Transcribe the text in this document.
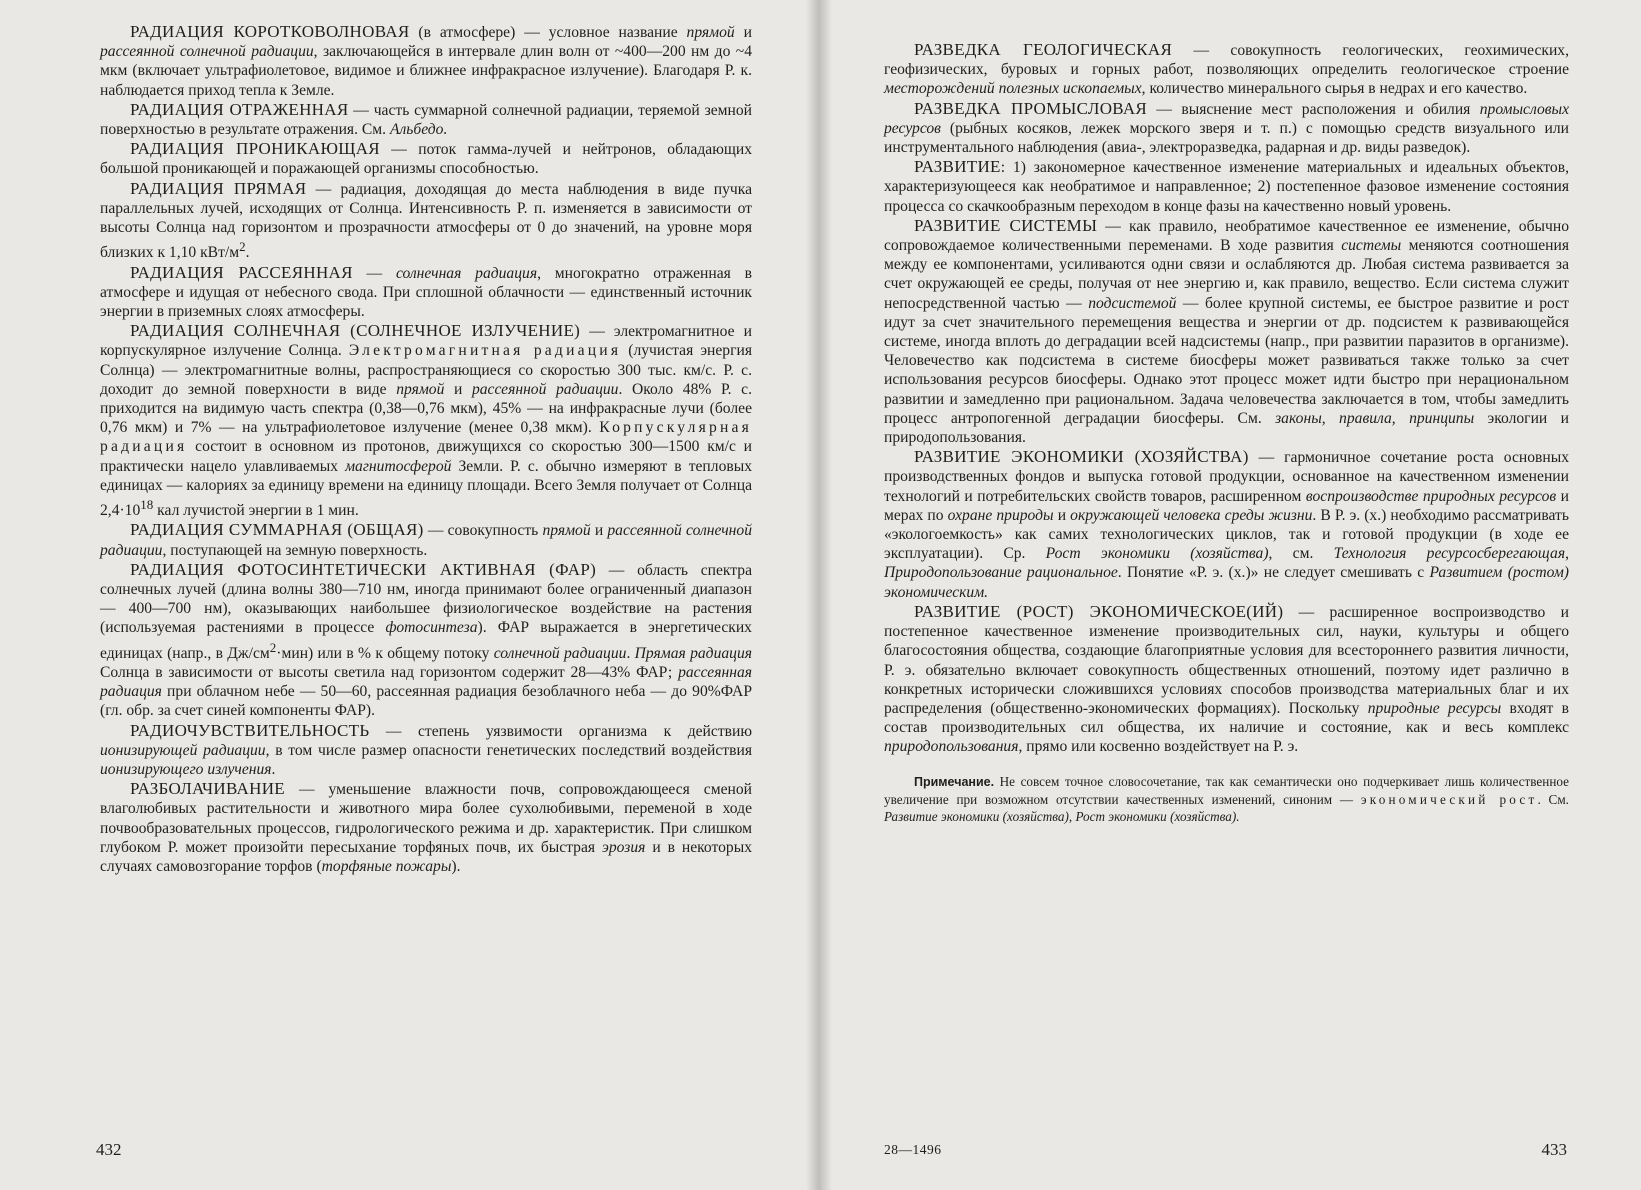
РАДИАЦИЯ КОРОТКОВОЛНОВАЯ (в атмосфере) — условное название прямой и рассеянной солнечной радиации, заключающейся в интервале длин волн от ~400—200 нм до ~4 мкм (включает ультрафиолетовое, видимое и ближнее инфракрасное излучение). Благодаря Р. к. наблюдается приход тепла к Земле.

РАДИАЦИЯ ОТРАЖЕННАЯ — часть суммарной солнечной радиации, теряемой земной поверхностью в результате отражения. См. Альбедо.

РАДИАЦИЯ ПРОНИКАЮЩАЯ — поток гамма-лучей и нейтронов, обладающих большой проникающей и поражающей организмы способностью.

РАДИАЦИЯ ПРЯМАЯ — радиация, доходящая до места наблюдения в виде пучка параллельных лучей, исходящих от Солнца. Интенсивность Р. п. изменяется в зависимости от высоты Солнца над горизонтом и прозрачности атмосферы от 0 до значений, на уровне моря близких к 1,10 кВт/$м^2$.

РАДИАЦИЯ РАССЕЯННАЯ — солнечная радиация, многократно отраженная в атмосфере и идущая от небесного свода. При сплошной облачности — единственный источник энергии в приземных слоях атмосферы.

РАДИАЦИЯ СОЛНЕЧНАЯ (СОЛНЕЧНОЕ ИЗЛУЧЕНИЕ) — электромагнитное и корпускулярное излучение Солнца. Электромагнитная радиация (лучистая энергия Солнца) — электромагнитные волны, распространяющиеся со скоростью 300 тыс. км/с. Р. с. доходит до земной поверхности в виде прямой и рассеянной радиации. Около 48% Р. с. приходится на видимую часть спектра (0,38—0,76 мкм), 45% — на инфракрасные лучи (более 0,76 мкм) и 7% — на ультрафиолетовое излучение (менее 0,38 мкм). Корпускулярная радиация состоит в основном из протонов, движущихся со скоростью 300—1500 км/с и практически нацело улавливаемых магнитосферой Земли. Р. с. обычно измеряют в тепловых единицах — калориях за единицу времени на единицу площади. Всего Земля получает от Солнца $2,4\cdot 10^{18}$ кал лучистой энергии в 1 мин.

РАДИАЦИЯ СУММАРНАЯ (ОБЩАЯ) — совокупность прямой и рассеянной солнечной радиации, поступающей на земную поверхность.

РАДИАЦИЯ ФОТОСИНТЕТИЧЕСКИ АКТИВНАЯ (ФАР) — область спектра солнечных лучей (длина волны 380—710 нм, иногда принимают более ограниченный диапазон — 400—700 нм), оказывающих наибольшее физиологическое воздействие на растения (используемая растениями в процессе фотосинтеза). ФАР выражается в энергетических единицах (напр., в $Дж/см^2\cdot мин$) или в % к общему потоку солнечной радиации. Прямая радиация Солнца в зависимости от высоты светила над горизонтом содержит 28—43% ФАР; рассеянная радиация при облачном небе — 50—60, рассеянная радиация безоблачного неба — до 90%ФАР (гл. обр. за счет синей компоненты ФАР).

РАДИОЧУВСТВИТЕЛЬНОСТЬ — степень уязвимости организма к действию ионизирующей радиации, в том числе размер опасности генетических последствий воздействия ионизирующего излучения.

РАЗБОЛАЧИВАНИЕ — уменьшение влажности почв, сопровождающееся сменой влаголюбивых растительности и животного мира более сухолюбивыми, переменой в ходе почвообразовательных процессов, гидрологического режима и др. характеристик. При слишком глубоком Р. может произойти пересыхание торфяных почв, их быстрая эрозия и в некоторых случаях самовозгорание торфов (торфяные пожары).

432

РАЗВЕДКА ГЕОЛОГИЧЕСКАЯ — совокупность геологических, геохимических, геофизических, буровых и горных работ, позволяющих определить геологическое строение месторождений полезных ископаемых, количество минерального сырья в недрах и его качество.

РАЗВЕДКА ПРОМЫСЛОВАЯ — выяснение мест расположения и обилия промысловых ресурсов (рыбных косяков, лежек морского зверя и т. п.) с помощью средств визуального или инструментального наблюдения (авиа-, электроразведка, радарная и др. виды разведок).

РАЗВИТИЕ: 1) закономерное качественное изменение материальных и идеальных объектов, характеризующееся как необратимое и направленное; 2) постепенное фазовое изменение состояния процесса со скачкообразным переходом в конце фазы на качественно новый уровень.

РАЗВИТИЕ СИСТЕМЫ — как правило, необратимое качественное ее изменение, обычно сопровождаемое количественными переменами. В ходе развития системы меняются соотношения между ее компонентами, усиливаются одни связи и ослабляются др. Любая система развивается за счет окружающей ее среды, получая от нее энергию и, как правило, вещество. Если система служит непосредственной частью — подсистемой — более крупной системы, ее быстрое развитие и рост идут за счет значительного перемещения вещества и энергии от др. подсистем к развивающейся системе, иногда вплоть до деградации всей надсистемы (напр., при развитии паразитов в организме). Человечество как подсистема в системе биосферы может развиваться также только за счет использования ресурсов биосферы. Однако этот процесс может идти быстро при нерациональном развитии и замедленно при рациональном. Задача человечества заключается в том, чтобы замедлить процесс антропогенной деградации биосферы. См. законы, правила, принципы экологии и природопользования.

РАЗВИТИЕ ЭКОНОМИКИ (ХОЗЯЙСТВА) — гармоничное сочетание роста основных производственных фондов и выпуска готовой продукции, основанное на качественном изменении технологий и потребительских свойств товаров, расширенном воспроизводстве природных ресурсов и мерах по охране природы и окружающей человека среды жизни. В Р. э. (х.) необходимо рассматривать «экологоемкость» как самих технологических циклов, так и готовой продукции (в ходе ее эксплуатации). Ср. Рост экономики (хозяйства), см. Технология ресурсосберегающая, Природопользование рациональное. Понятие «Р. э. (х.)» не следует смешивать с Развитием (ростом) экономическим.

РАЗВИТИЕ (РОСТ) ЭКОНОМИЧЕСКОЕ(ИЙ) — расширенное воспроизводство и постепенное качественное изменение производительных сил, науки, культуры и общего благосостояния общества, создающие благоприятные условия для всестороннего развития личности, Р. э. обязательно включает совокупность общественных отношений, поэтому идет различно в конкретных исторически сложившихся условиях способов производства материальных благ и их распределения (общественно-экономических формациях). Поскольку природные ресурсы входят в состав производительных сил общества, их наличие и состояние, как и весь комплекс природопользования, прямо или косвенно воздействует на Р. э.

Примечание. Не совсем точное словосочетание, так как семантически оно подчеркивает лишь количественное увеличение при возможном отсутствии качественных изменений, синоним — экономический рост. См. Развитие экономики (хозяйства), Рост экономики (хозяйства).

28—1496	433
